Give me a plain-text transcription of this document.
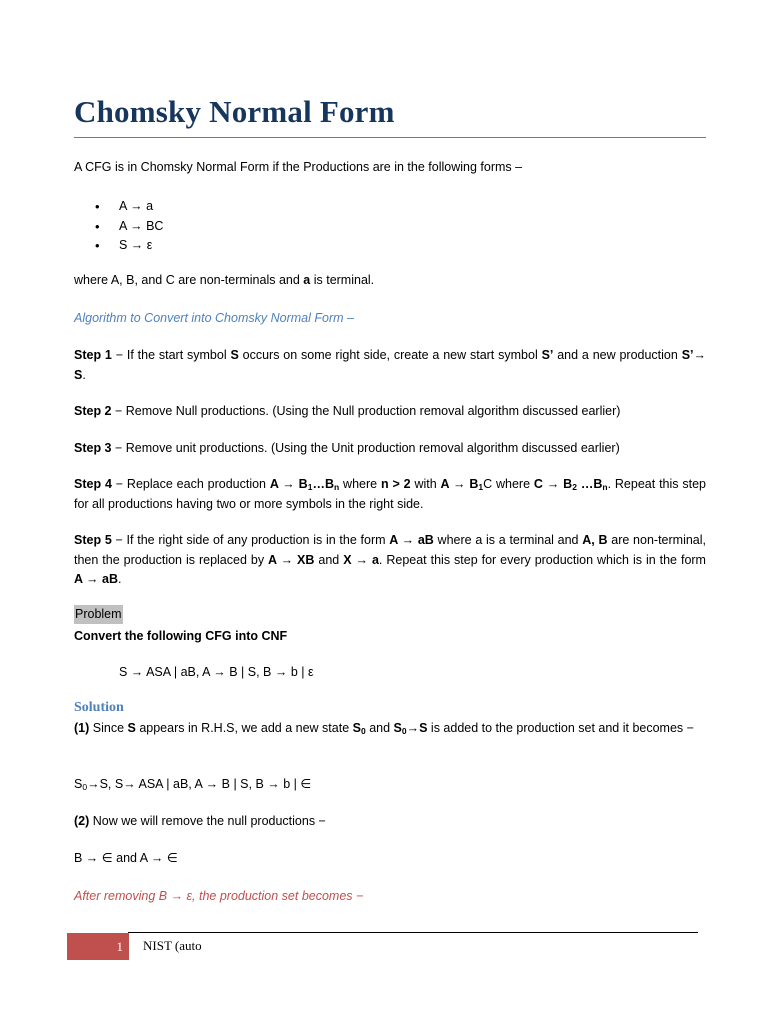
Chomsky Normal Form

A CFG is in Chomsky Normal Form if the Productions are in the following forms –

• A → a
• A → BC
• S → ε

where A, B, and C are non-terminals and a is terminal.

Algorithm to Convert into Chomsky Normal Form –

Step 1 − If the start symbol S occurs on some right side, create a new start symbol S’ and a new production S’→ S.

Step 2 − Remove Null productions. (Using the Null production removal algorithm discussed earlier)

Step 3 − Remove unit productions. (Using the Unit production removal algorithm discussed earlier)

Step 4 − Replace each production $A \to B_1\dots B_n$ where n > 2 with $A \to B_1C$ where $C \to B_2$ $\dots B_n$. Repeat this step for all productions having two or more symbols in the right side.

Step 5 − If the right side of any production is in the form A → aB where a is a terminal and A, B are non-terminal, then the production is replaced by A → XB and X → a. Repeat this step for every production which is in the form A → aB.

Problem

Convert the following CFG into CNF

S → ASA | aB, A → B | S, B → b | ε

Solution

(1) Since S appears in R.H.S, we add a new state $S_0$ and $S_0\to S$ is added to the production set and it becomes −

$S_0\to S$, S→ ASA | aB, A → B | S, B → b | ∈

(2) Now we will remove the null productions −

B → ∈ and A → ∈

After removing B → ε, the production set becomes −

1 NIST (auto
